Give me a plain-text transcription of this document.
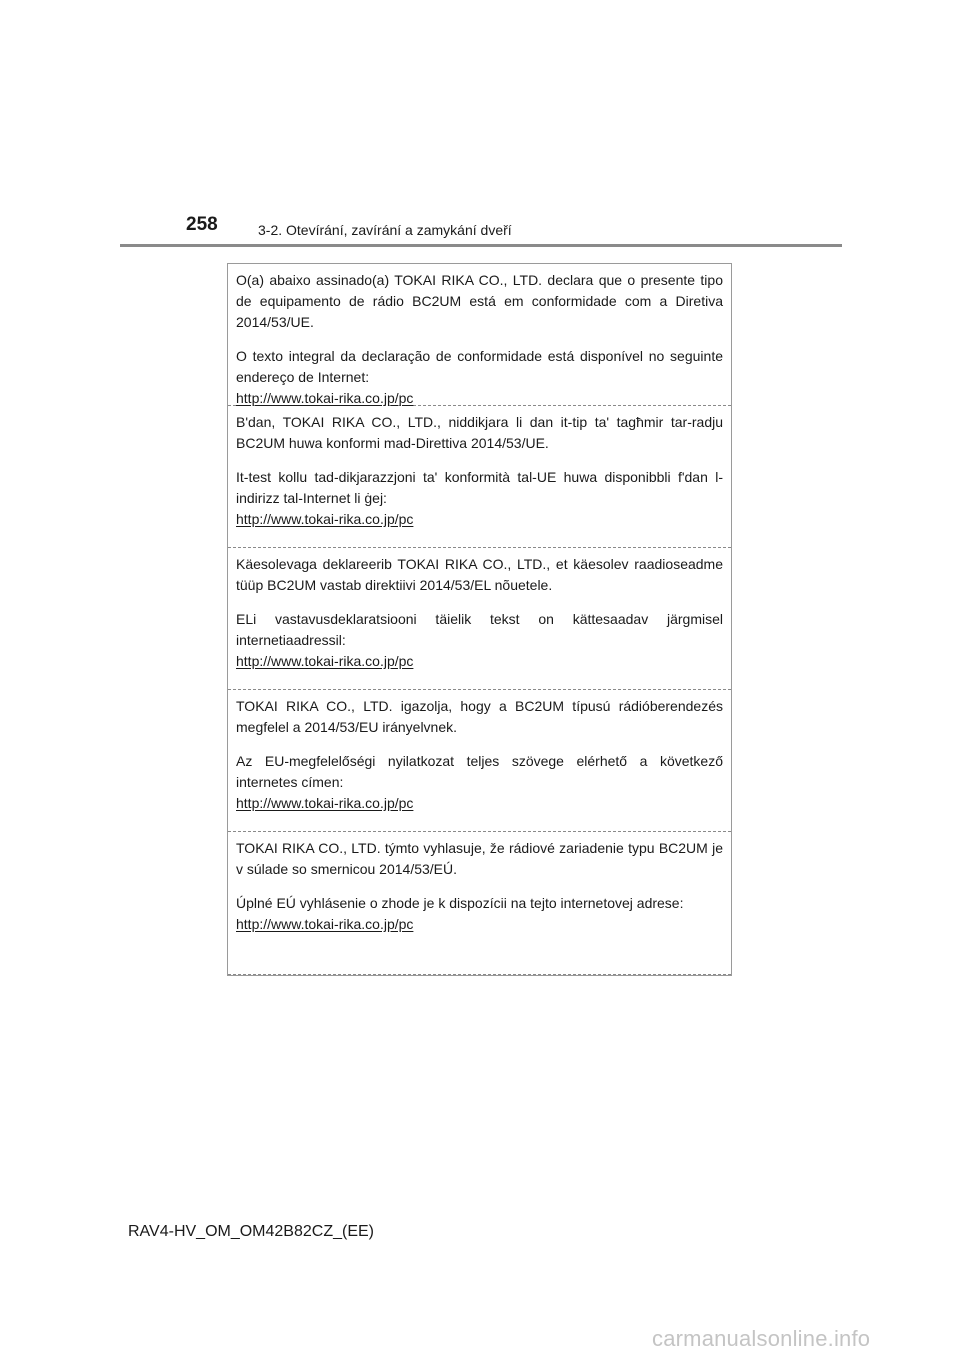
258	3-2. Otevírání, zavírání a zamykání dveří

O(a) abaixo assinado(a) TOKAI RIKA CO., LTD. declara que o presente tipo de equipamento de rádio BC2UM está em conformidade com a Diretiva 2014/53/UE.

O texto integral da declaração de conformidade está disponível no seguinte endereço de Internet:

http://www.tokai-rika.co.jp/pc

B'dan, TOKAI RIKA CO., LTD., niddikjara li dan it-tip ta' tagħmir tar-radju BC2UM huwa konformi mad-Direttiva 2014/53/UE.

It-test kollu tad-dikjarazzjoni ta' konformità tal-UE huwa disponibbli f'dan l-indirizz tal-Internet li ġej:

http://www.tokai-rika.co.jp/pc

Käesolevaga deklareerib TOKAI RIKA CO., LTD., et käesolev raadioseadme tüüp BC2UM vastab direktiivi 2014/53/EL nõuetele.

ELi vastavusdeklaratsiooni täielik tekst on kättesaadav järgmisel internetiaadressil:

http://www.tokai-rika.co.jp/pc

TOKAI RIKA CO., LTD. igazolja, hogy a BC2UM típusú rádióberendezés megfelel a 2014/53/EU irányelvnek.

Az EU-megfelelőségi nyilatkozat teljes szövege elérhető a következő internetes címen:

http://www.tokai-rika.co.jp/pc

TOKAI RIKA CO., LTD. týmto vyhlasuje, že rádiové zariadenie typu BC2UM je v súlade so smernicou 2014/53/EÚ.

Úplné EÚ vyhlásenie o zhode je k dispozícii na tejto internetovej adrese:

http://www.tokai-rika.co.jp/pc
RAV4-HV_OM_OM42B82CZ_(EE)
carmanualsonline.info
